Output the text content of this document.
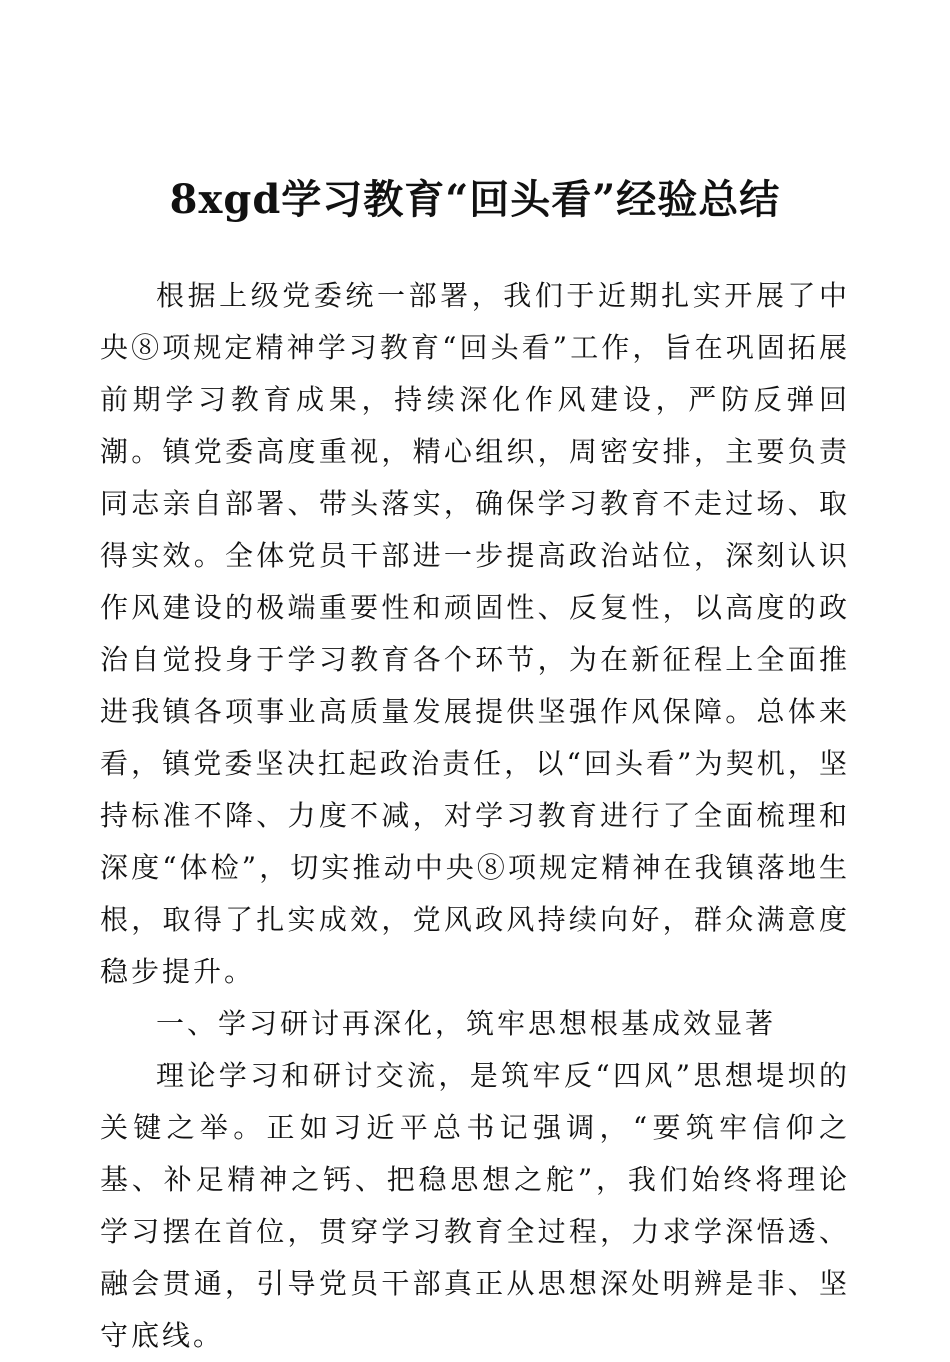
8xgd学习教育“回头看”经验总结

根据上级党委统一部署，我们于近期扎实开展了中央⑧项规定精神学习教育“回头看”工作，旨在巩固拓展前期学习教育成果，持续深化作风建设，严防反弹回潮。镇党委高度重视，精心组织，周密安排，主要负责同志亲自部署、带头落实，确保学习教育不走过场、取得实效。全体党员干部进一步提高政治站位，深刻认识作风建设的极端重要性和顽固性、反复性，以高度的政治自觉投身于学习教育各个环节，为在新征程上全面推进我镇各项事业高质量发展提供坚强作风保障。总体来看，镇党委坚决扛起政治责任，以“回头看”为契机，坚持标准不降、力度不减，对学习教育进行了全面梳理和深度“体检”，切实推动中央⑧项规定精神在我镇落地生根，取得了扎实成效，党风政风持续向好，群众满意度稳步提升。

一、学习研讨再深化，筑牢思想根基成效显著

理论学习和研讨交流，是筑牢反“四风”思想堤坝的关键之举。正如习近平总书记强调，“要筑牢信仰之基、补足精神之钙、把稳思想之舵”，我们始终将理论学习摆在首位，贯穿学习教育全过程，力求学深悟透、融会贯通，引导党员干部真正从思想深处明辨是非、坚守底线。
